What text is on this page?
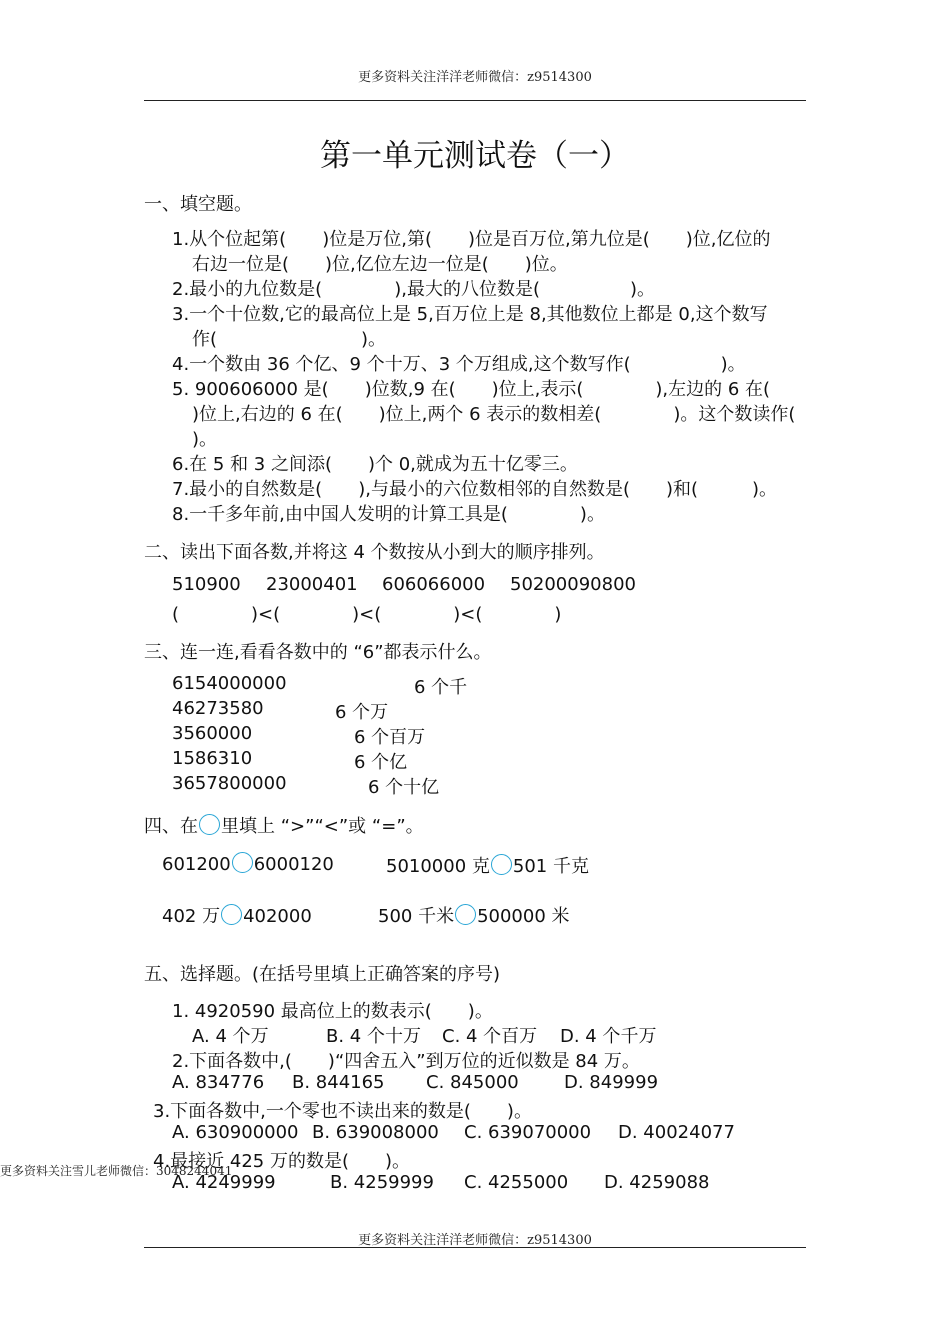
更多资料关注洋洋老师微信：z9514300
第一单元测试卷（一）
一、填空题。
1.从个位起第(　　)位是万位,第(　　)位是百万位,第九位是(　　)位,亿位的
右边一位是(　　)位,亿位左边一位是(　　)位。
2.最小的九位数是(　　　　),最大的八位数是(　　　　　)。
3.一个十位数,它的最高位上是 5,百万位上是 8,其他数位上都是 0,这个数写
作(　　　　　　　　)。
4.一个数由 36 个亿、9 个十万、3 个万组成,这个数写作(　　　　　)。
5. 900606000 是(　　)位数,9 在(　　)位上,表示(　　　　),左边的 6 在(
)位上,右边的 6 在(　　)位上,两个 6 表示的数相差(　　　　)。这个数读作(
)。
6.在 5 和 3 之间添(　　)个 0,就成为五十亿零三。
7.最小的自然数是(　　),与最小的六位数相邻的自然数是(　　)和(　　　)。
8.一千多年前,由中国人发明的计算工具是(　　　　)。
二、读出下面各数,并将这 4 个数按从小到大的顺序排列。
510900 23000401 606066000 50200090800
(　　　　)<(　　　　)<(　　　　)<(　　　　)
三、连一连,看看各数中的 “6”都表示什么。
6154000000
46273580
3560000
1586310
3657800000
6 个千
6 个万
6 个百万
6 个亿
6 个十亿
四、在 里填上 “>”“<”或 “=”。
601200 6000120	5010000 克 501 千克
402 万 402000	500 千米 500000 米
五、选择题。(在括号里填上正确答案的序号)
1. 4920590 最高位上的数表示(　　)。
A. 4 个万	B. 4 个十万 C. 4 个百万 D. 4 个千万
2.下面各数中,(　　)“四舍五入”到万位的近似数是 84 万。
A. 834776 B. 844165 C. 845000	D. 849999
3.下面各数中,一个零也不读出来的数是(　　)。
A. 630900000 B. 639008000 C. 639070000 D. 40024077
4.最接近 425 万的数是(　　)。
A. 4249999	B. 4259999 C. 4255000 D. 4259088
更多资料关注雪儿老师微信：3048244041
更多资料关注洋洋老师微信：z9514300
